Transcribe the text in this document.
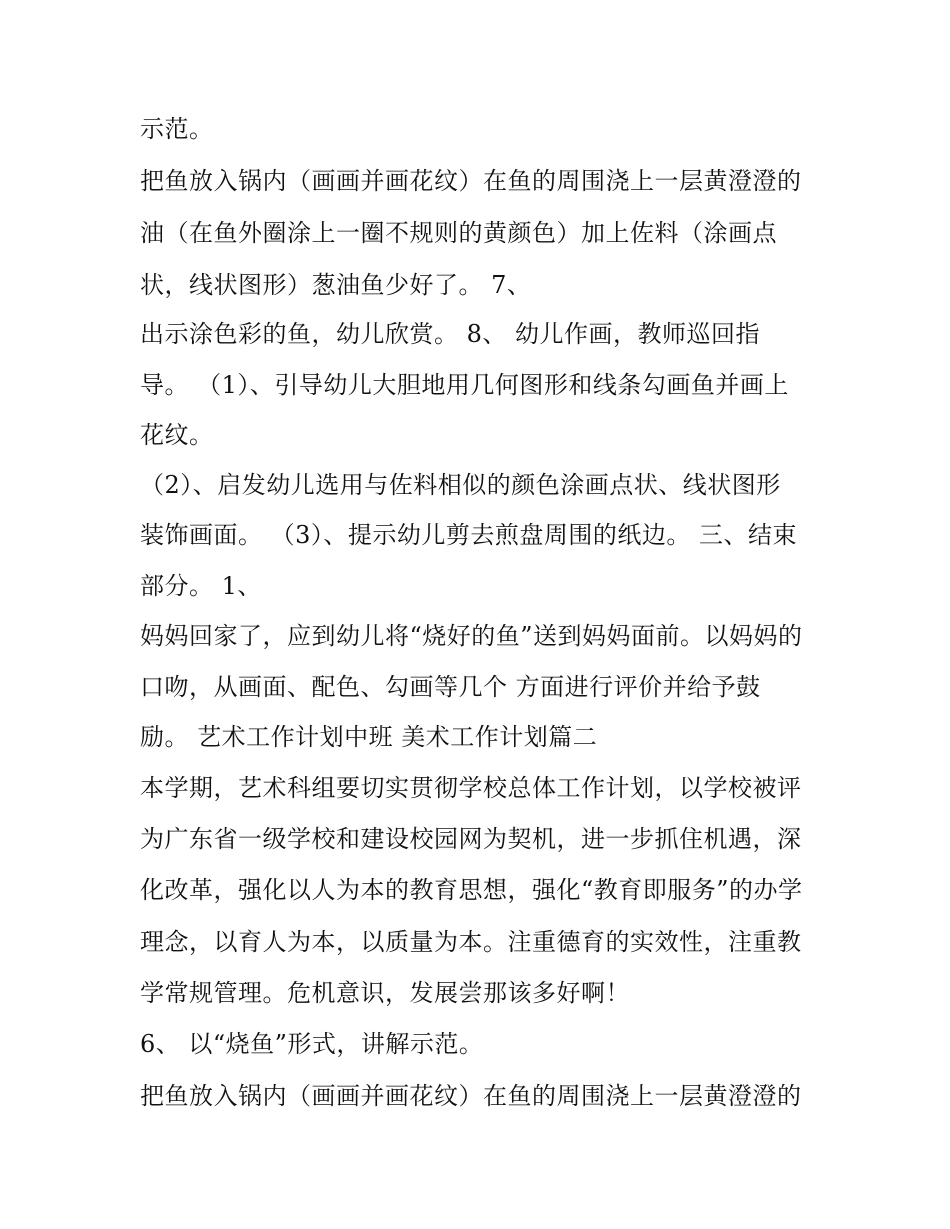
示范。
把鱼放入锅内（画画并画花纹）在鱼的周围浇上一层黄澄澄的
油（在鱼外圈涂上一圈不规则的黄颜色）加上佐料（涂画点
状，线状图形）葱油鱼少好了。 7、
出示涂色彩的鱼，幼儿欣赏。 8、 幼儿作画，教师巡回指
导。 （1）、引导幼儿大胆地用几何图形和线条勾画鱼并画上
花纹。
（2）、启发幼儿选用与佐料相似的颜色涂画点状、线状图形
装饰画面。 （3）、提示幼儿剪去煎盘周围的纸边。 三、结束
部分。 1、
妈妈回家了，应到幼儿将“烧好的鱼”送到妈妈面前。以妈妈的
口吻，从画面、配色、勾画等几个 方面进行评价并给予鼓
励。 艺术工作计划中班 美术工作计划篇二
本学期，艺术科组要切实贯彻学校总体工作计划，以学校被评
为广东省一级学校和建设校园网为契机，进一步抓住机遇，深
化改革，强化以人为本的教育思想，强化“教育即服务”的办学
理念，以育人为本，以质量为本。注重德育的实效性，注重教
学常规管理。危机意识，发展尝那该多好啊！
6、 以“烧鱼”形式，讲解示范。
把鱼放入锅内（画画并画花纹）在鱼的周围浇上一层黄澄澄的
